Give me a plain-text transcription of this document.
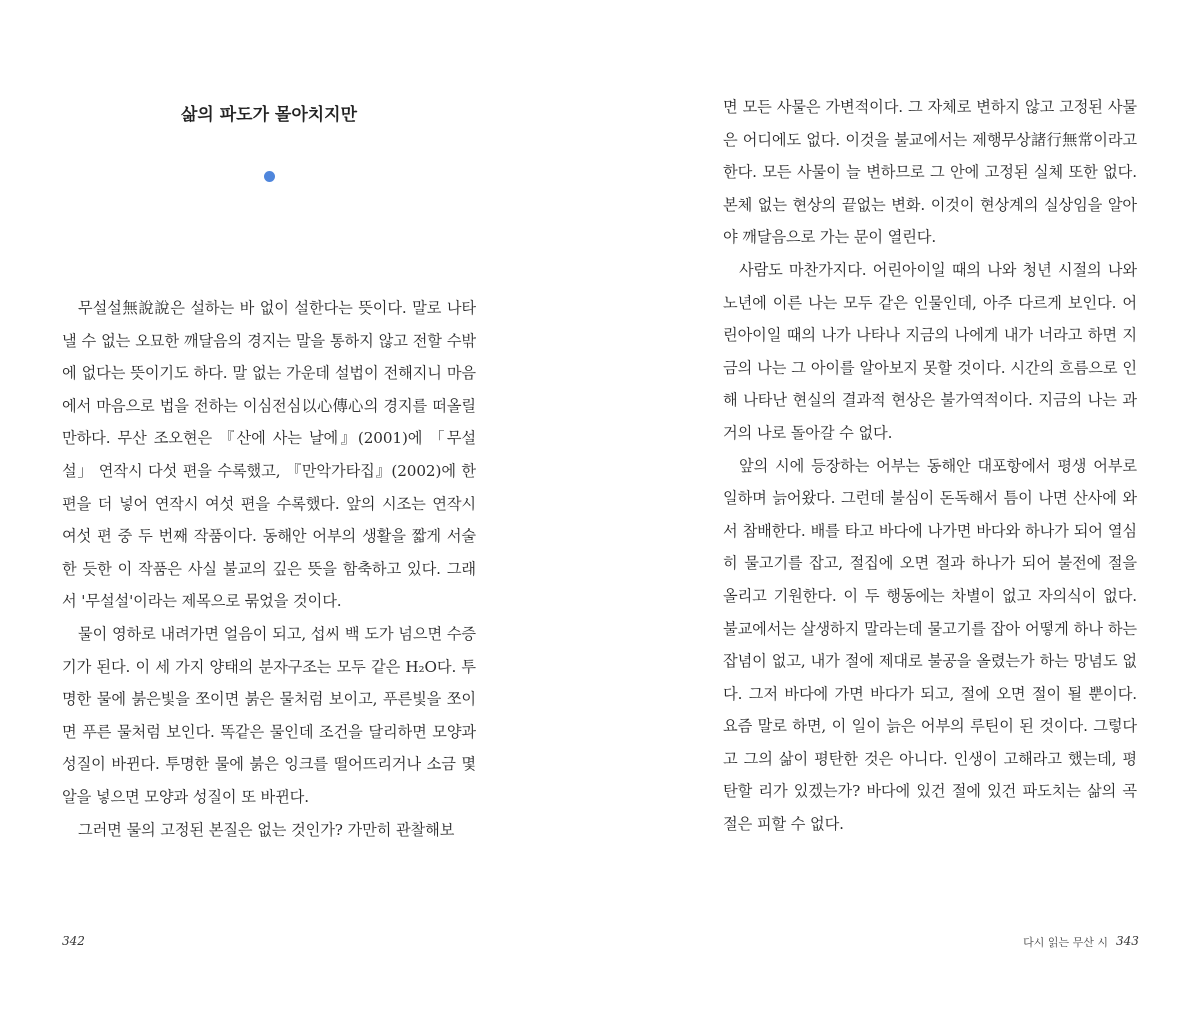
삶의 파도가 몰아치지만

무설설無說說은 설하는 바 없이 설한다는 뜻이다. 말로 나타낼 수 없는 오묘한 깨달음의 경지는 말을 통하지 않고 전할 수밖에 없다는 뜻이기도 하다. 말 없는 가운데 설법이 전해지니 마음에서 마음으로 법을 전하는 이심전심以心傳心의 경지를 떠올릴 만하다. 무산 조오현은 『산에 사는 날에』(2001)에 「무설설」 연작시 다섯 편을 수록했고, 『만악가타집』(2002)에 한 편을 더 넣어 연작시 여섯 편을 수록했다. 앞의 시조는 연작시 여섯 편 중 두 번째 작품이다. 동해안 어부의 생활을 짧게 서술한 듯한 이 작품은 사실 불교의 깊은 뜻을 함축하고 있다. 그래서 '무설설'이라는 제목으로 묶었을 것이다.

물이 영하로 내려가면 얼음이 되고, 섭씨 백 도가 넘으면 수증기가 된다. 이 세 가지 양태의 분자구조는 모두 같은 H₂O다. 투명한 물에 붉은빛을 쪼이면 붉은 물처럼 보이고, 푸른빛을 쪼이면 푸른 물처럼 보인다. 똑같은 물인데 조건을 달리하면 모양과 성질이 바뀐다. 투명한 물에 붉은 잉크를 떨어뜨리거나 소금 몇 알을 넣으면 모양과 성질이 또 바뀐다.

그러면 물의 고정된 본질은 없는 것인가? 가만히 관찰해보

342

면 모든 사물은 가변적이다. 그 자체로 변하지 않고 고정된 사물은 어디에도 없다. 이것을 불교에서는 제행무상諸行無常이라고 한다. 모든 사물이 늘 변하므로 그 안에 고정된 실체 또한 없다. 본체 없는 현상의 끝없는 변화. 이것이 현상계의 실상임을 알아야 깨달음으로 가는 문이 열린다.

사람도 마찬가지다. 어린아이일 때의 나와 청년 시절의 나와 노년에 이른 나는 모두 같은 인물인데, 아주 다르게 보인다. 어린아이일 때의 나가 나타나 지금의 나에게 내가 너라고 하면 지금의 나는 그 아이를 알아보지 못할 것이다. 시간의 흐름으로 인해 나타난 현실의 결과적 현상은 불가역적이다. 지금의 나는 과거의 나로 돌아갈 수 없다.

앞의 시에 등장하는 어부는 동해안 대포항에서 평생 어부로 일하며 늙어왔다. 그런데 불심이 돈독해서 틈이 나면 산사에 와서 참배한다. 배를 타고 바다에 나가면 바다와 하나가 되어 열심히 물고기를 잡고, 절집에 오면 절과 하나가 되어 불전에 절을 올리고 기원한다. 이 두 행동에는 차별이 없고 자의식이 없다. 불교에서는 살생하지 말라는데 물고기를 잡아 어떻게 하나 하는 잡념이 없고, 내가 절에 제대로 불공을 올렸는가 하는 망념도 없다. 그저 바다에 가면 바다가 되고, 절에 오면 절이 될 뿐이다. 요즘 말로 하면, 이 일이 늙은 어부의 루틴이 된 것이다. 그렇다고 그의 삶이 평탄한 것은 아니다. 인생이 고해라고 했는데, 평탄할 리가 있겠는가? 바다에 있건 절에 있건 파도치는 삶의 곡절은 피할 수 없다.

다시 읽는 무산 시 343
